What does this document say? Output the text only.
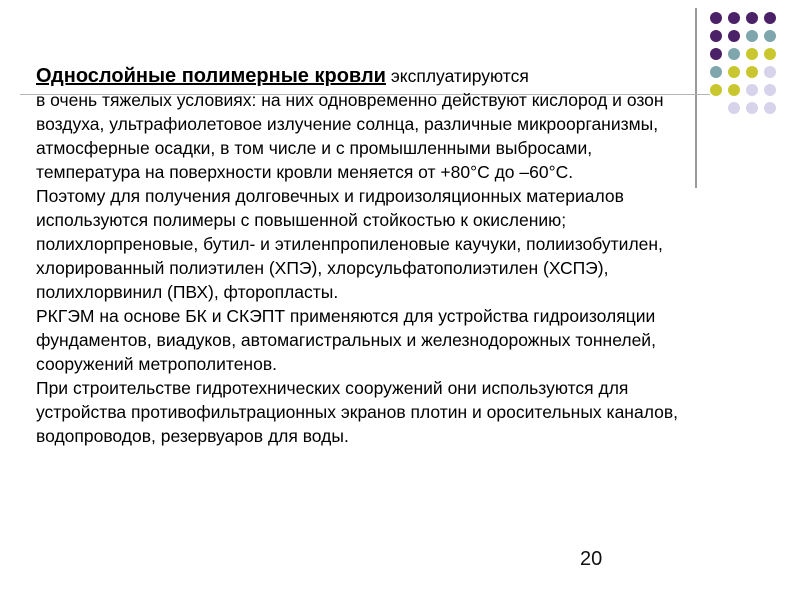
Однослойные полимерные кровли эксплуатируются
в очень тяжелых условиях: на них одновременно действуют кислород и озон воздуха, ультрафиолетовое излучение солнца, различные микроорганизмы, атмосферные осадки, в том числе и с промышленными выбросами, температура на поверхности кровли меняется от +80°С до –60°С.

Поэтому для получения долговечных и гидроизоляционных материалов используются полимеры с повышенной стойкостью к окислению; полихлорпреновые, бутил- и этиленпропиленовые каучуки, полиизобутилен, хлорированный полиэтилен (ХПЭ), хлорсульфатополиэтилен (ХСПЭ), полихлорвинил (ПВХ), фторопласты.

РКГЭМ на основе БК и СКЭПТ применяются для устройства гидроизоляции фундаментов, виадуков, автомагистральных и железнодорожных тоннелей, сооружений метрополитенов.

При строительстве гидротехнических сооружений они используются для устройства противофильтрационных экранов плотин и оросительных каналов, водопроводов, резервуаров для воды.

20
